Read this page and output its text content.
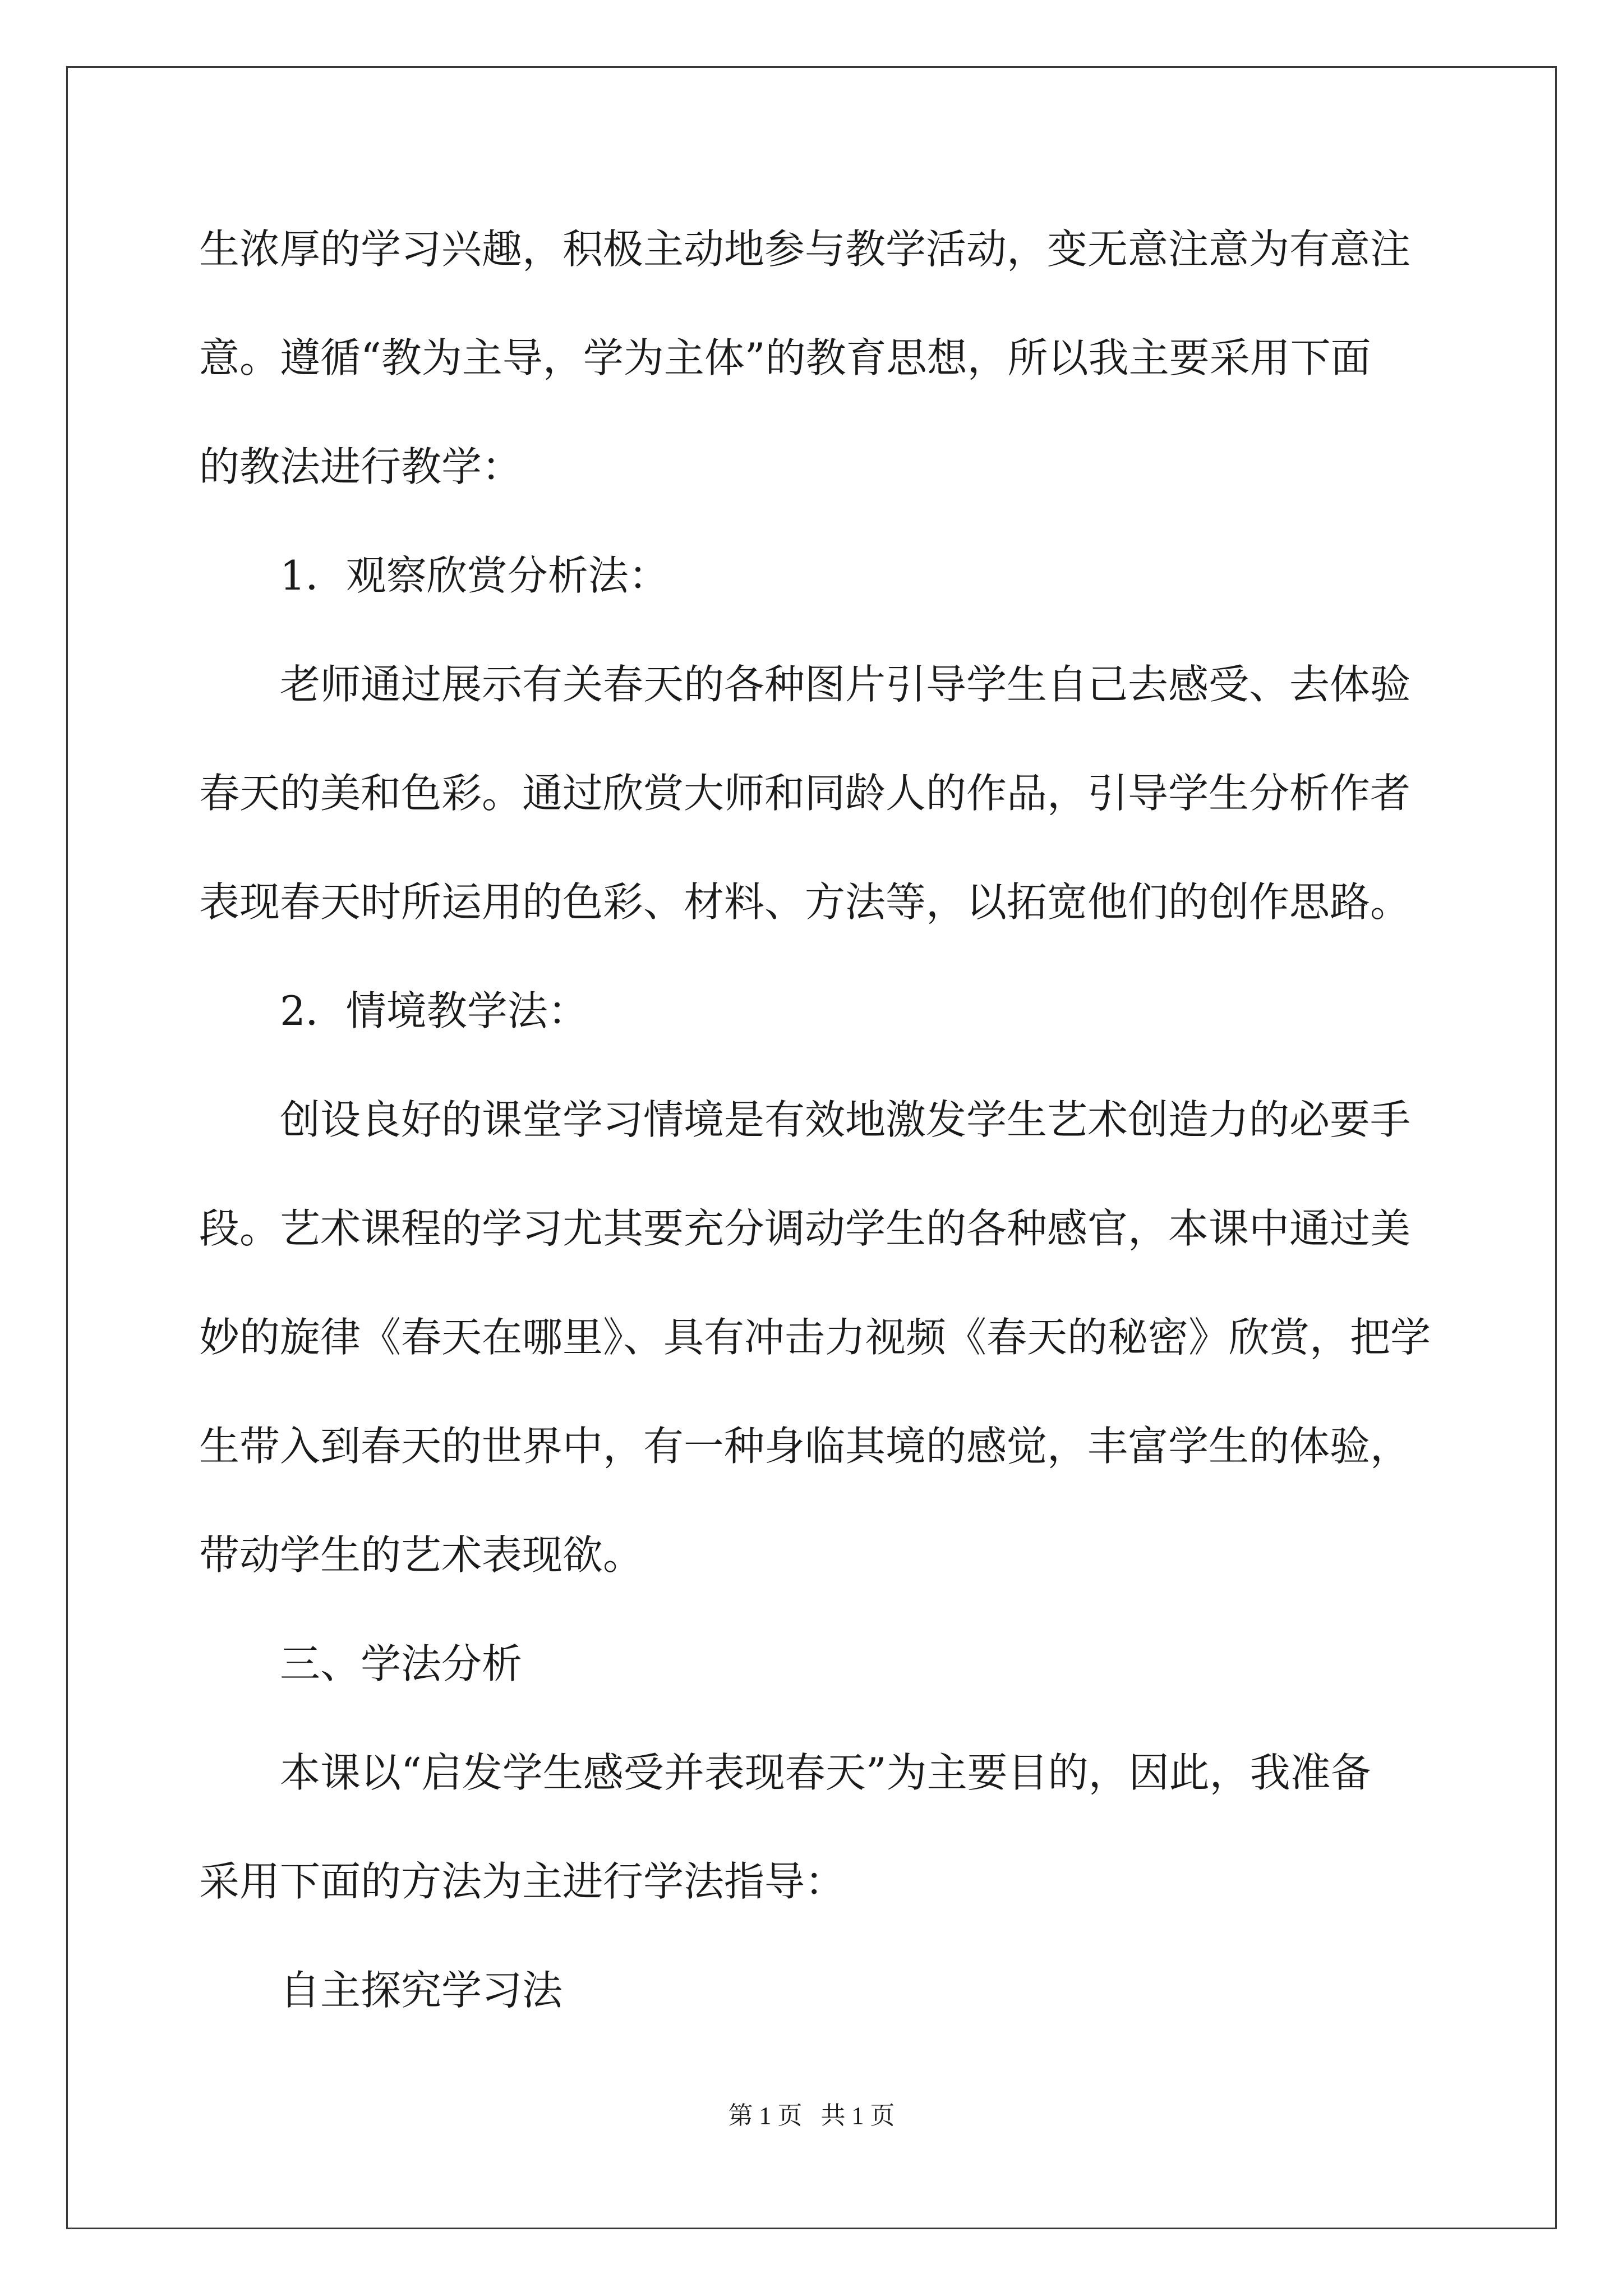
生浓厚的学习兴趣，积极主动地参与教学活动，变无意注意为有意注
意。遵循“教为主导，学为主体”的教育思想，所以我主要采用下面
的教法进行教学：
1．观察欣赏分析法：
老师通过展示有关春天的各种图片引导学生自己去感受、去体验
春天的美和色彩。通过欣赏大师和同龄人的作品，引导学生分析作者
表现春天时所运用的色彩、材料、方法等，以拓宽他们的创作思路。
2．情境教学法：
创设良好的课堂学习情境是有效地激发学生艺术创造力的必要手
段。艺术课程的学习尤其要充分调动学生的各种感官，本课中通过美
妙的旋律《春天在哪里》、具有冲击力视频《春天的秘密》欣赏，把学
生带入到春天的世界中，有一种身临其境的感觉，丰富学生的体验，
带动学生的艺术表现欲。
三、学法分析
本课以“启发学生感受并表现春天”为主要目的，因此，我准备
采用下面的方法为主进行学法指导：
自主探究学习法
第 1 页   共 1 页
